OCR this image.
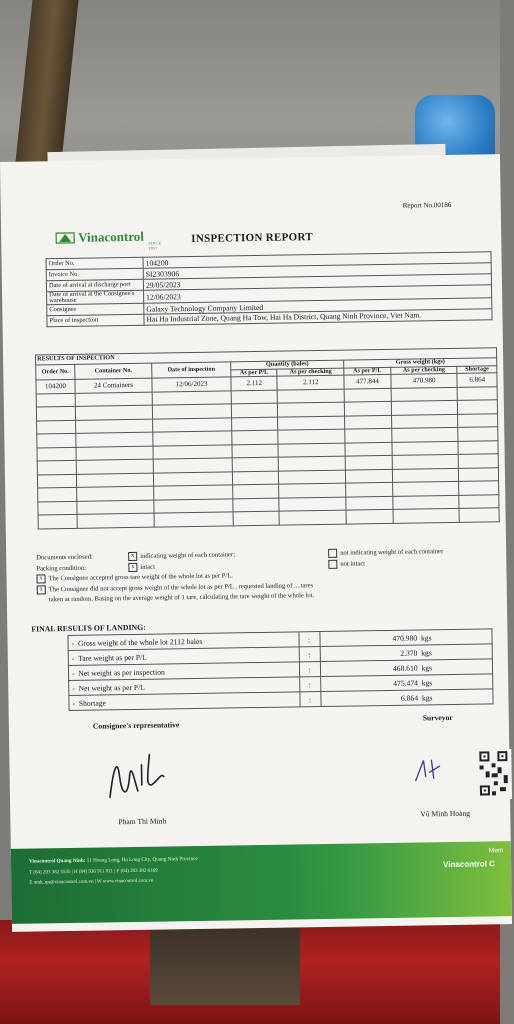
Report No.00186
Vinacontrol SINCE 1957
INSPECTION REPORT
Order No.	104200
Invoice No.	SI2303906
Date of arrival at discharge port	29/05/2023
Date of arrival at the Consignee's warehouse	12/06/2023
Consignee	Galaxy Technology Company Limited
Place of inspection	Hai Ha Industrial Zone, Quang Ha Tow, Hai Ha District, Quang Ninh Province, Viet Nam.
RESULTS OF INSPECTION							
Order No.	Container No.	Date of inspection	Quantity (bales)		Gross weight (kgs)		
			As per P/L	As per checking	As per P/L	As per checking	Shortage
104200	24 Containers	12/06/2023	2.112	2.112	477.844	470.980	6.864

Documents enclosed:	x indicating weight of each container;	not indicating weight of each container
Packing condition:	x intact	not intact
x The Consignee accepted gross tare weight of the whole lot as per P/L.
x The Consignee did not accept gross weight of the whole lot as per P/L , requested landing of ....tares
taken at random. Basing on the average weight of 1 tare, calculating the tare weight of the whole lot.
FINAL RESULTS OF LANDING:
- Gross weight of the whole lot 2112 bales	:	470.980 kgs
- Tare weight as per P/L	:	2.370 kgs
- Net weight as per inspection	:	468.610 kgs
- Net weight as per P/L	:	475.474 kgs
- Shortage	:	6.864 kgs
Consignee's representative
Surveyor
Pham Thi Minh
Vũ Minh Hoàng
Vinacontrol Quang Ninh: 11 Hoang Long, Ha Long City, Quang Ninh Province
T (84) 203 382 5535 | H (84) 936 911 811 | F (84) 203 382 6169
E nmh_qn@vinacontrol.com.vn | W www.vinacontrol.com.vn
Mem
Vinacontrol C
